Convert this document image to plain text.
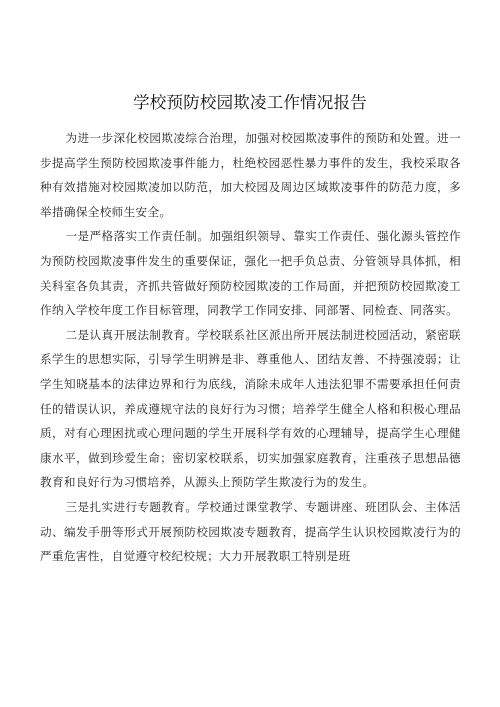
学校预防校园欺凌工作情况报告

为进一步深化校园欺凌综合治理，加强对校园欺凌事件的预防和处置。进一步提高学生预防校园欺凌事件能力，杜绝校园恶性暴力事件的发生，我校采取各种有效措施对校园欺凌加以防范，加大校园及周边区域欺凌事件的防范力度，多举措确保全校师生安全。

一是严格落实工作责任制。加强组织领导、靠实工作责任、强化源头管控作为预防校园欺凌事件发生的重要保证，强化一把手负总责、分管领导具体抓，相关科室各负其责，齐抓共管做好预防校园欺凌的工作局面，并把预防校园欺凌工作纳入学校年度工作目标管理，同教学工作同安排、同部署、同检查、同落实。

二是认真开展法制教育。学校联系社区派出所开展法制进校园活动，紧密联系学生的思想实际，引导学生明辨是非、尊重他人、团结友善、不持强凌弱；让学生知晓基本的法律边界和行为底线，消除未成年人违法犯罪不需要承担任何责任的错误认识，养成遵规守法的良好行为习惯；培养学生健全人格和积极心理品质，对有心理困扰或心理问题的学生开展科学有效的心理辅导，提高学生心理健康水平，做到珍爱生命；密切家校联系，切实加强家庭教育，注重孩子思想品德教育和良好行为习惯培养，从源头上预防学生欺凌行为的发生。

三是扎实进行专题教育。学校通过课堂教学、专题讲座、班团队会、主体活动、编发手册等形式开展预防校园欺凌专题教育，提高学生认识校园欺凌行为的严重危害性，自觉遵守校纪校规；大力开展教职工特别是班
